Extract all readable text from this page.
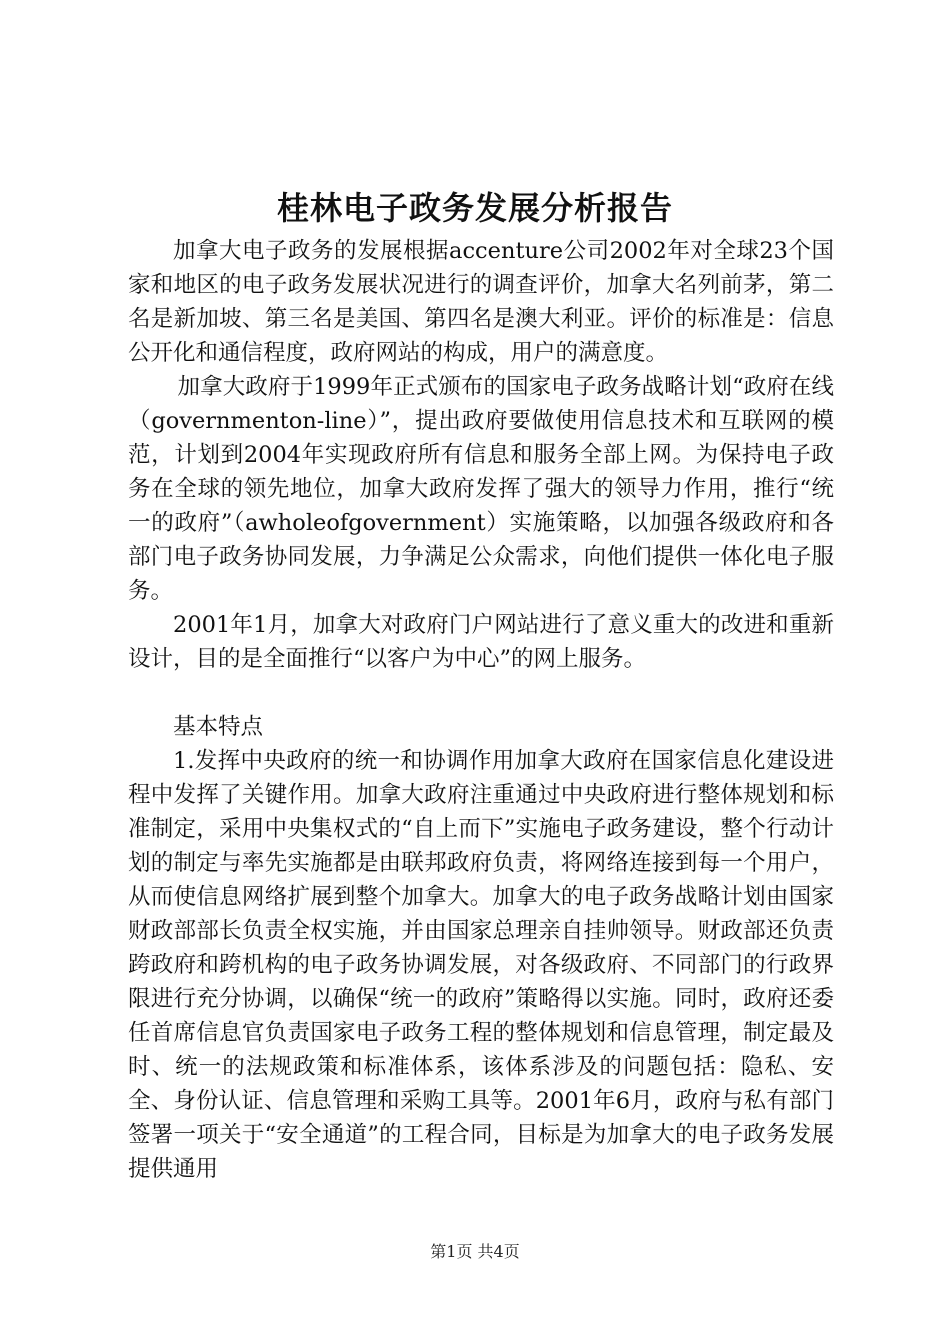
桂林电子政务发展分析报告

加拿大电子政务的发展根据accenture公司2002年对全球23个国家和地区的电子政务发展状况进行的调查评价，加拿大名列前茅，第二名是新加坡、第三名是美国、第四名是澳大利亚。评价的标准是：信息公开化和通信程度，政府网站的构成，用户的满意度。

加拿大政府于1999年正式颁布的国家电子政务战略计划“政府在线（governmenton-line）”，提出政府要做使用信息技术和互联网的模范，计划到2004年实现政府所有信息和服务全部上网。为保持电子政务在全球的领先地位，加拿大政府发挥了强大的领导力作用，推行“统一的政府”（awholeofgovernment）实施策略，以加强各级政府和各部门电子政务协同发展，力争满足公众需求，向他们提供一体化电子服务。

2001年1月，加拿大对政府门户网站进行了意义重大的改进和重新设计，目的是全面推行“以客户为中心”的网上服务。

基本特点

1.发挥中央政府的统一和协调作用加拿大政府在国家信息化建设进程中发挥了关键作用。加拿大政府注重通过中央政府进行整体规划和标准制定，采用中央集权式的“自上而下”实施电子政务建设，整个行动计划的制定与率先实施都是由联邦政府负责，将网络连接到每一个用户，从而使信息网络扩展到整个加拿大。加拿大的电子政务战略计划由国家财政部部长负责全权实施，并由国家总理亲自挂帅领导。财政部还负责跨政府和跨机构的电子政务协调发展，对各级政府、不同部门的行政界限进行充分协调，以确保“统一的政府”策略得以实施。同时，政府还委任首席信息官负责国家电子政务工程的整体规划和信息管理，制定最及时、统一的法规政策和标准体系，该体系涉及的问题包括：隐私、安全、身份认证、信息管理和采购工具等。2001年6月，政府与私有部门签署一项关于“安全通道”的工程合同，目标是为加拿大的电子政务发展提供通用

第1页 共4页
